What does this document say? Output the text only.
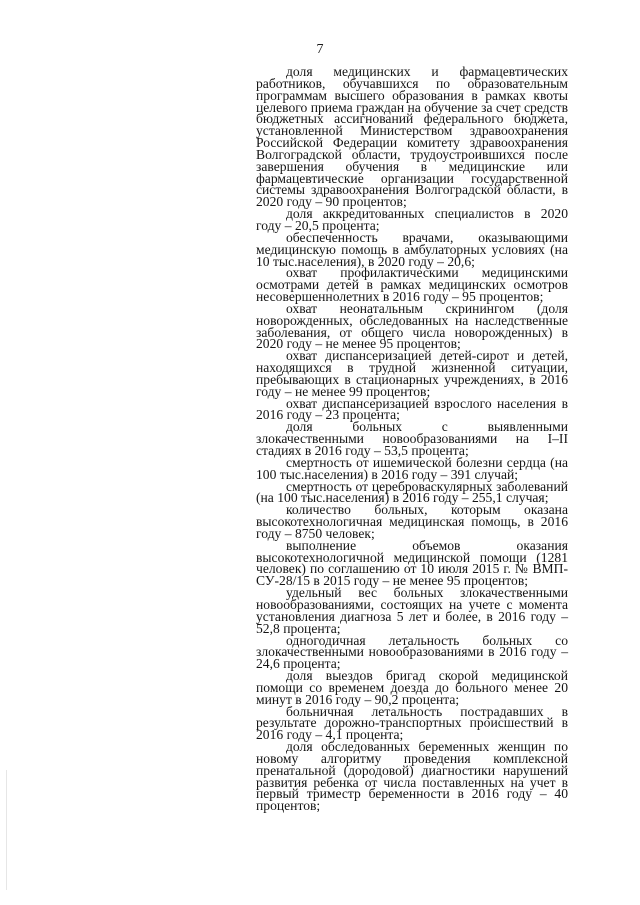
7

доля медицинских и фармацевтических работников, обучавшихся по образовательным программам высшего образования в рамках квоты целевого приема граждан на обучение за счет средств бюджетных ассигнований федерального бюджета, установленной Министерством здравоохранения Российской Федерации комитету здравоохранения Волгоградской области, трудоустроившихся после завершения обучения в медицинские или фармацевтические организации государственной системы здравоохранения Волгоградской области, в 2020 году – 90 процентов;

доля аккредитованных специалистов в 2020 году – 20,5 процента;

обеспеченность врачами, оказывающими медицинскую помощь в амбулаторных условиях (на 10 тыс.населения), в 2020 году – 20,6;

охват профилактическими медицинскими осмотрами детей в рамках медицинских осмотров несовершеннолетних в 2016 году – 95 процентов;

охват неонатальным скринингом (доля новорожденных, обследованных на наследственные заболевания, от общего числа новорожденных) в 2020 году – не менее 95 процентов;

охват диспансеризацией детей-сирот и детей, находящихся в трудной жизненной ситуации, пребывающих в стационарных учреждениях, в 2016 году – не менее 99 процентов;

охват диспансеризацией взрослого населения в 2016 году – 23 процента;

доля больных с выявленными злокачественными новообразованиями на I–II стадиях в 2016 году – 53,5 процента;

смертность от ишемической болезни сердца (на 100 тыс.населения) в 2016 году – 391 случай;

смертность от цереброваскулярных заболеваний (на 100 тыс.населения) в 2016 году – 255,1 случая;

количество больных, которым оказана высокотехнологичная медицинская помощь, в 2016 году – 8750 человек;

выполнение объемов оказания высокотехнологичной медицинской помощи (1281 человек) по соглашению от 10 июля 2015 г. № ВМП-СУ-28/15 в 2015 году – не менее 95 процентов;

удельный вес больных злокачественными новообразованиями, состоящих на учете с момента установления диагноза 5 лет и более, в 2016 году – 52,8 процента;

одногодичная летальность больных со злокачественными новообразованиями в 2016 году – 24,6 процента;

доля выездов бригад скорой медицинской помощи со временем доезда до больного менее 20 минут в 2016 году – 90,2 процента;

больничная летальность пострадавших в результате дорожно-транспортных происшествий в 2016 году – 4,1 процента;

доля обследованных беременных женщин по новому алгоритму проведения комплексной пренатальной (дородовой) диагностики нарушений развития ребенка от числа поставленных на учет в первый триместр беременности в 2016 году – 40 процентов;
